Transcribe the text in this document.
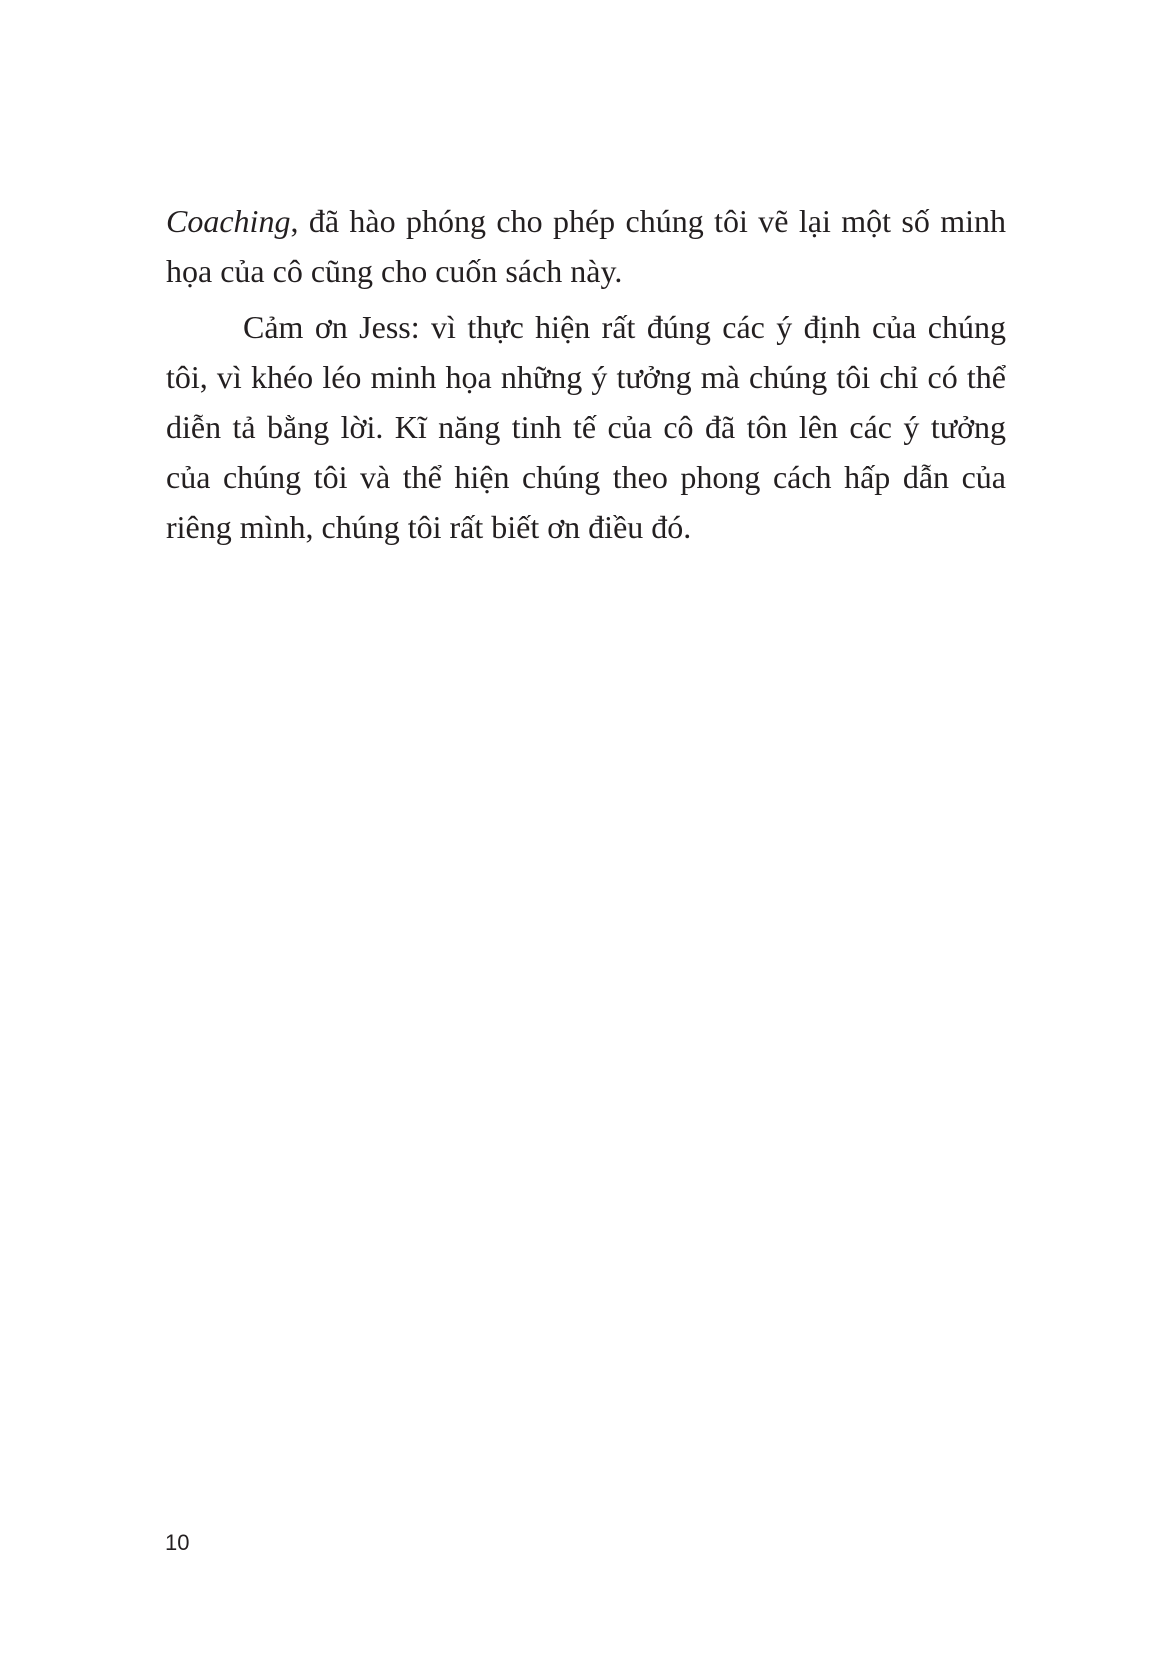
Coaching, đã hào phóng cho phép chúng tôi vẽ lại một số minh họa của cô cũng cho cuốn sách này.

Cảm ơn Jess: vì thực hiện rất đúng các ý định của chúng tôi, vì khéo léo minh họa những ý tưởng mà chúng tôi chỉ có thể diễn tả bằng lời. Kĩ năng tinh tế của cô đã tôn lên các ý tưởng của chúng tôi và thể hiện chúng theo phong cách hấp dẫn của riêng mình, chúng tôi rất biết ơn điều đó.

10
